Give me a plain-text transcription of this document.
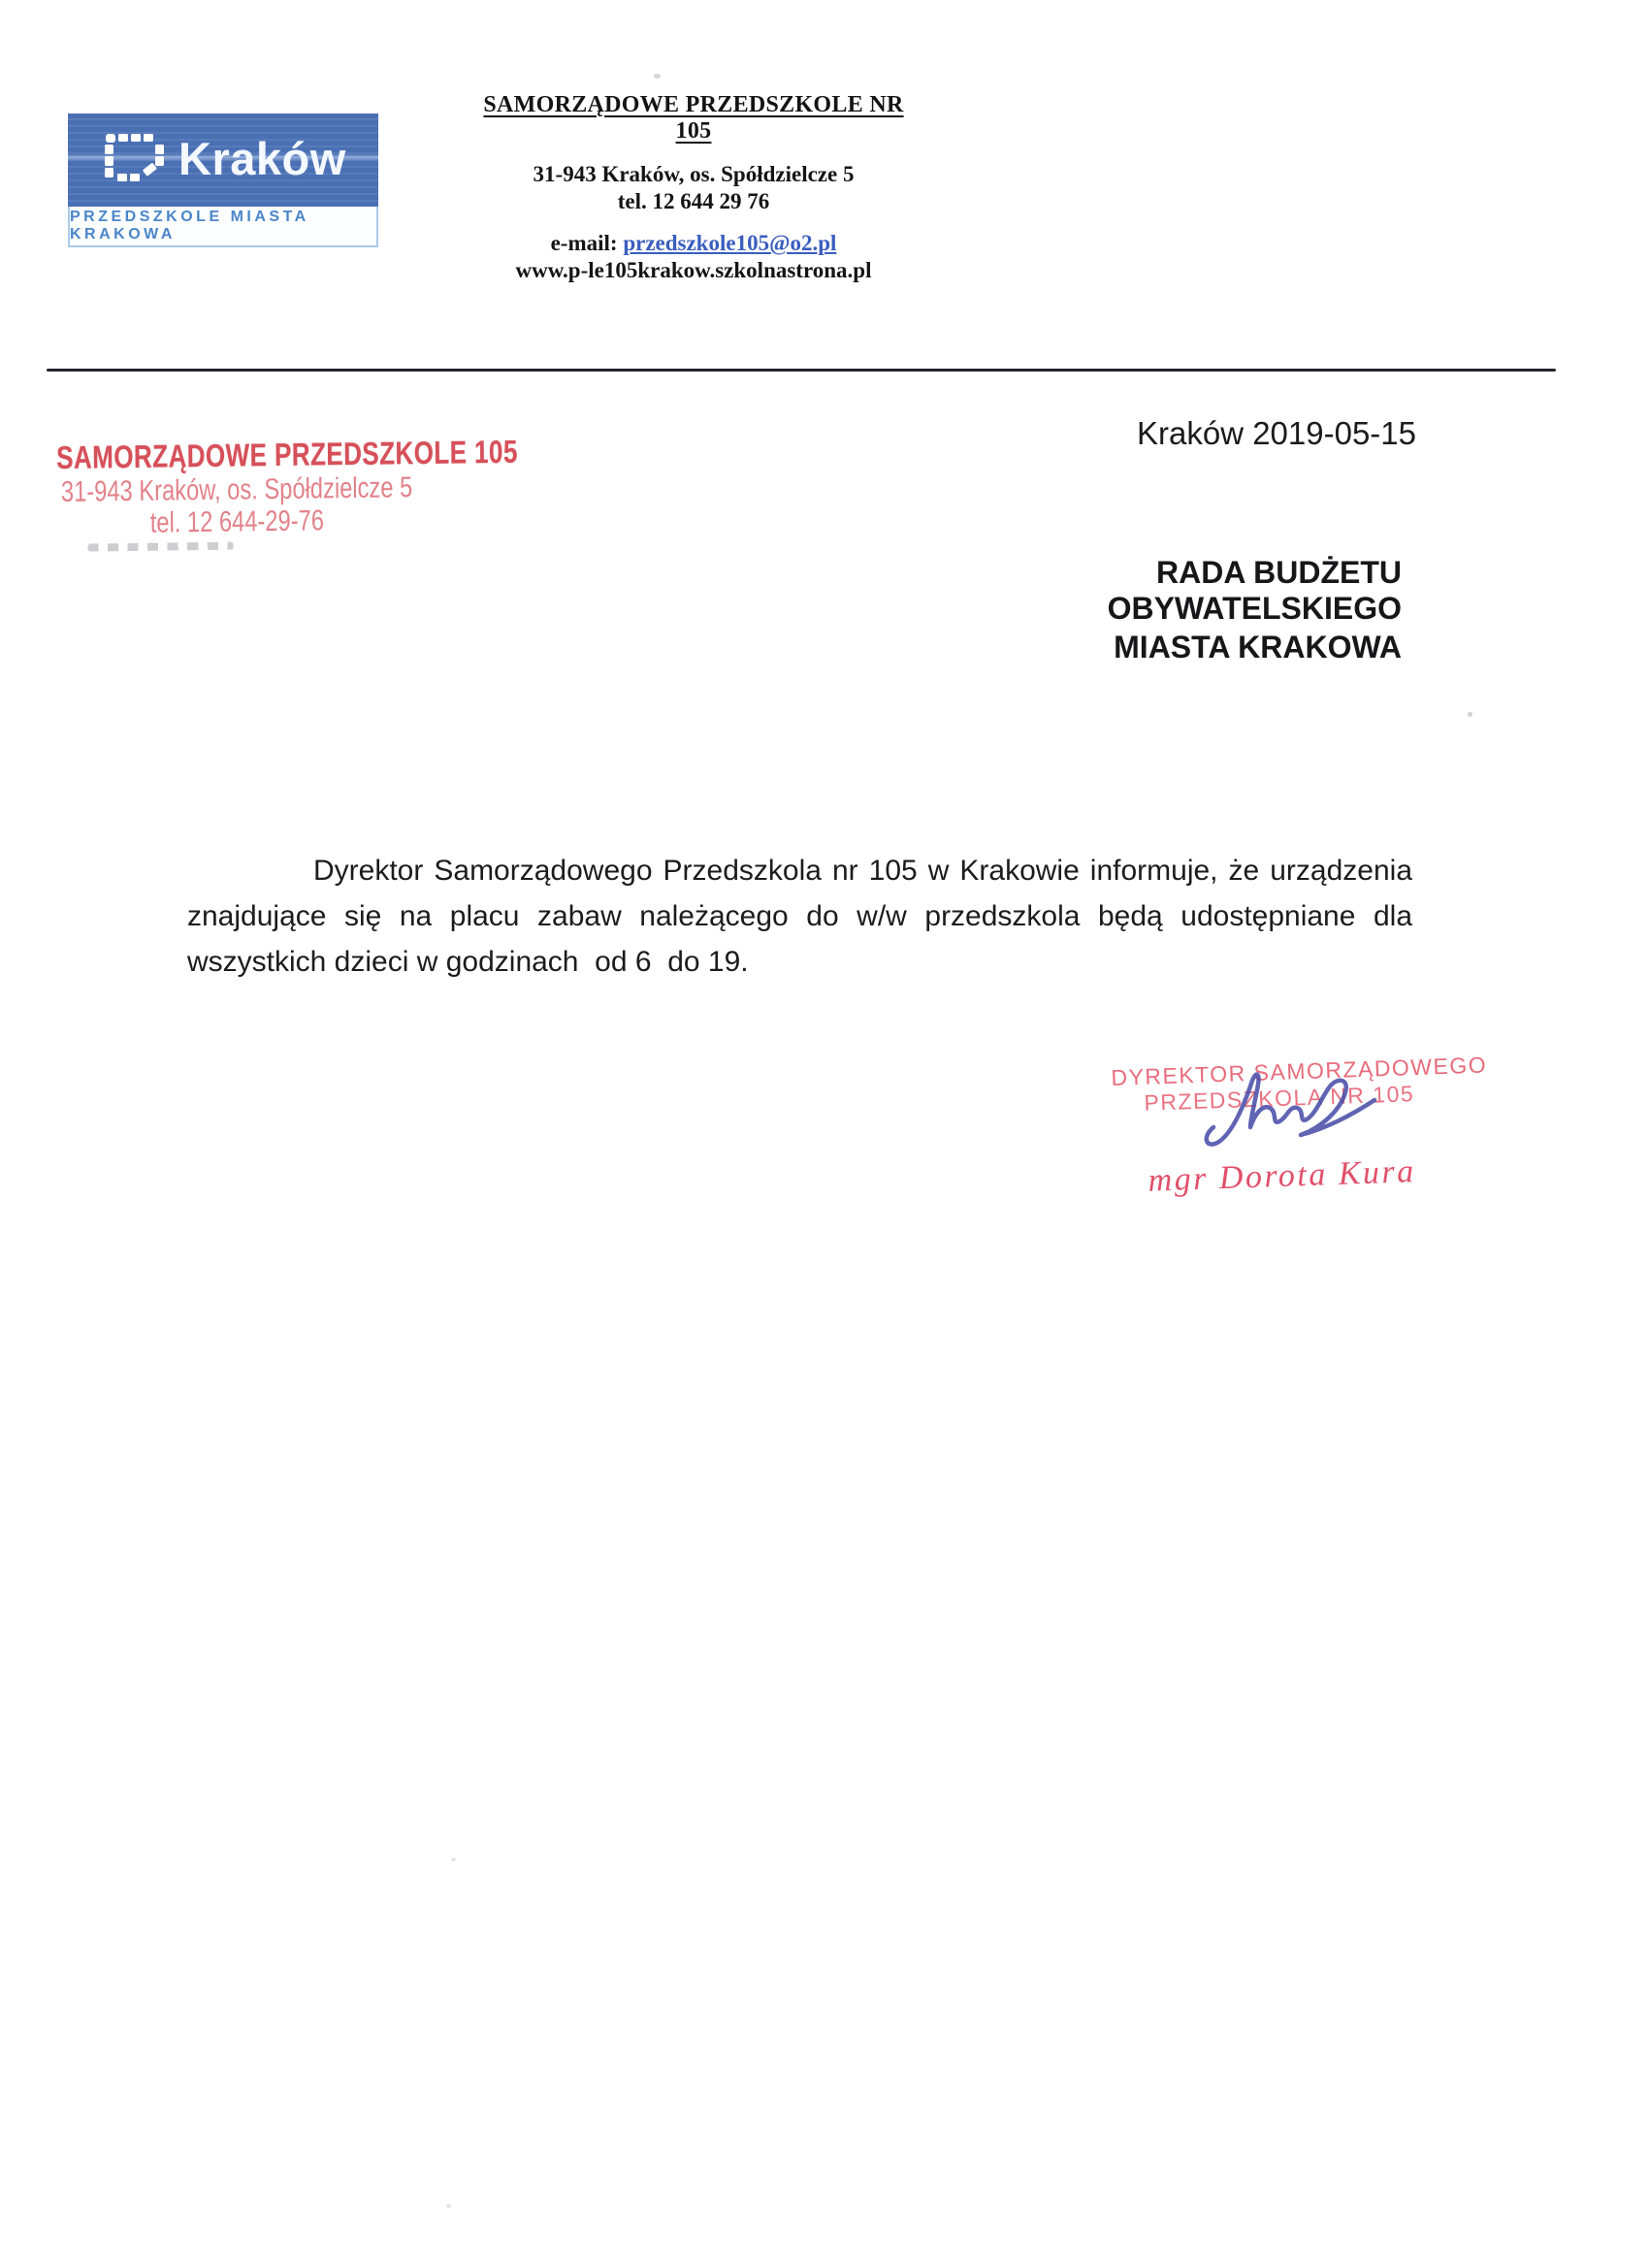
Kraków
PRZEDSZKOLE MIASTA KRAKOWA
SAMORZĄDOWE PRZEDSZKOLE NR 105
31-943 Kraków, os. Spółdzielcze 5
tel. 12 644 29 76
e-mail: przedszkole105@o2.pl
www.p-le105krakow.szkolnastrona.pl
SAMORZĄDOWE PRZEDSZKOLE 105
31-943 Kraków, os. Spółdzielcze 5
tel. 12 644-29-76
Kraków 2019-05-15
RADA BUDŻETU OBYWATELSKIEGO
MIASTA KRAKOWA
Dyrektor Samorządowego Przedszkola nr 105 w Krakowie informuje, że urządzenia
znajdujące się na placu zabaw należącego do w/w przedszkola będą udostępniane dla
wszystkich dzieci w godzinach  od 6  do 19.
DYREKTOR SAMORZĄDOWEGO
PRZEDSZKOLA NR 105
mgr Dorota Kura
